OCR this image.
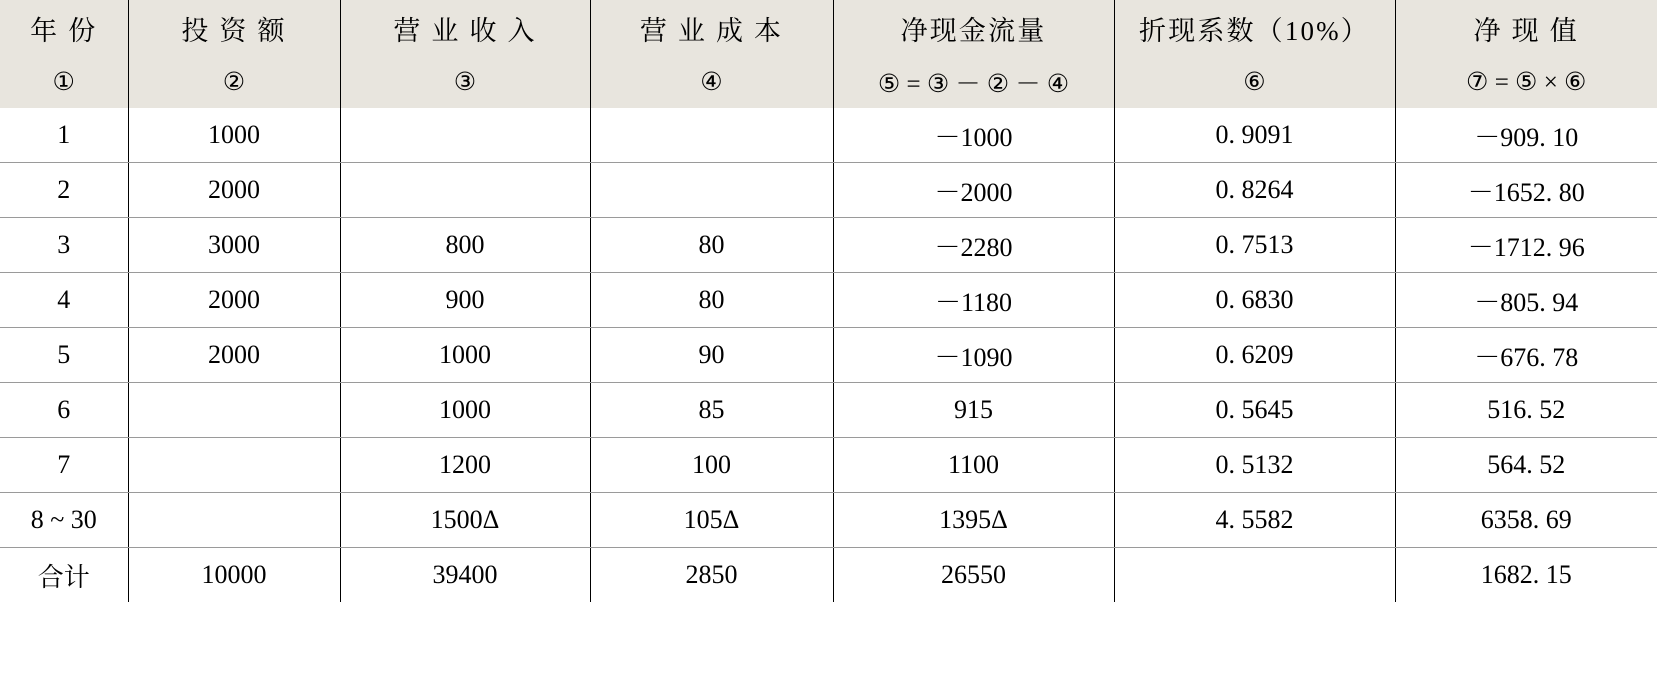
年 份	投 资 额	营 业 收 入	营 业 成 本	净现金流量	折现系数（10%）	净 现 值
①	②	③	④	⑤ = ③ － ② － ④	⑥	⑦ = ⑤ × ⑥
1	1000			－1000	0. 9091	－909. 10
2	2000			－2000	0. 8264	－1652. 80
3	3000	800	80	－2280	0. 7513	－1712. 96
4	2000	900	80	－1180	0. 6830	－805. 94
5	2000	1000	90	－1090	0. 6209	－676. 78
6		1000	85	915	0. 5645	516. 52
7		1200	100	1100	0. 5132	564. 52
8 ~ 30		1500Δ	105Δ	1395Δ	4. 5582	6358. 69
合计	10000	39400	2850	26550		1682. 15
